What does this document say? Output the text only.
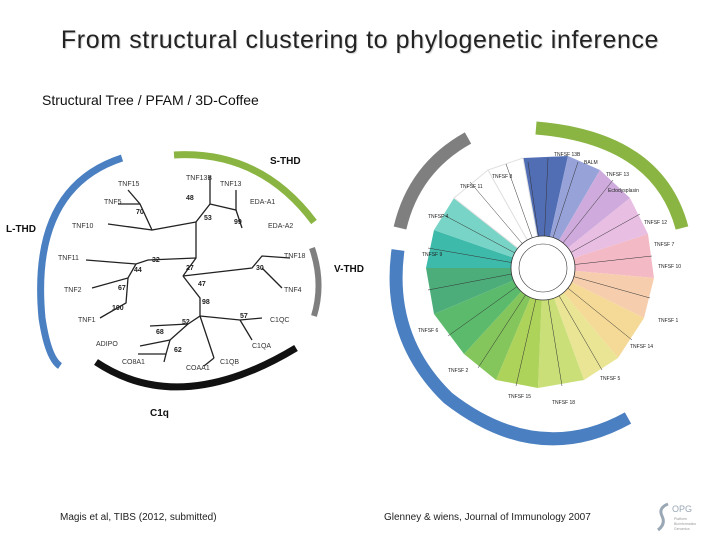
From structural clustering to phylogenetic inference
Structural Tree / PFAM / 3D-Coffee
TNF15
TNF13B
TNF13
TNF5	EDA-A1
TNF10	EDA-A2
TNF11	TNF18
TNF2	TNF4
TNF1	C1QC
ADIPO	C1QA
CO8A1	C1QB
COAA1
70
48
53
99
32
44	27	30
67
47
100
98
52
57
68
62
S-THD
L-THD
V-THD
C1q
TNFSF 13B
BALM
TNFSF 13
TNFSF 8
TNFSF 11
Ectodysplasin
TNFSF 4
TNFSF 12
TNFSF 7
TNFSF 9
TNFSF 10
TNFSF 1
TNFSF 14
TNFSF 5
TNFSF 6
TNFSF 2
TNFSF 15
TNFSF 18
Magis et al, TIBS (2012, submitted)	Glenney & wiens, Journal of Immunology 2007
OPG
Platform
Bioinformatics
Genomics
